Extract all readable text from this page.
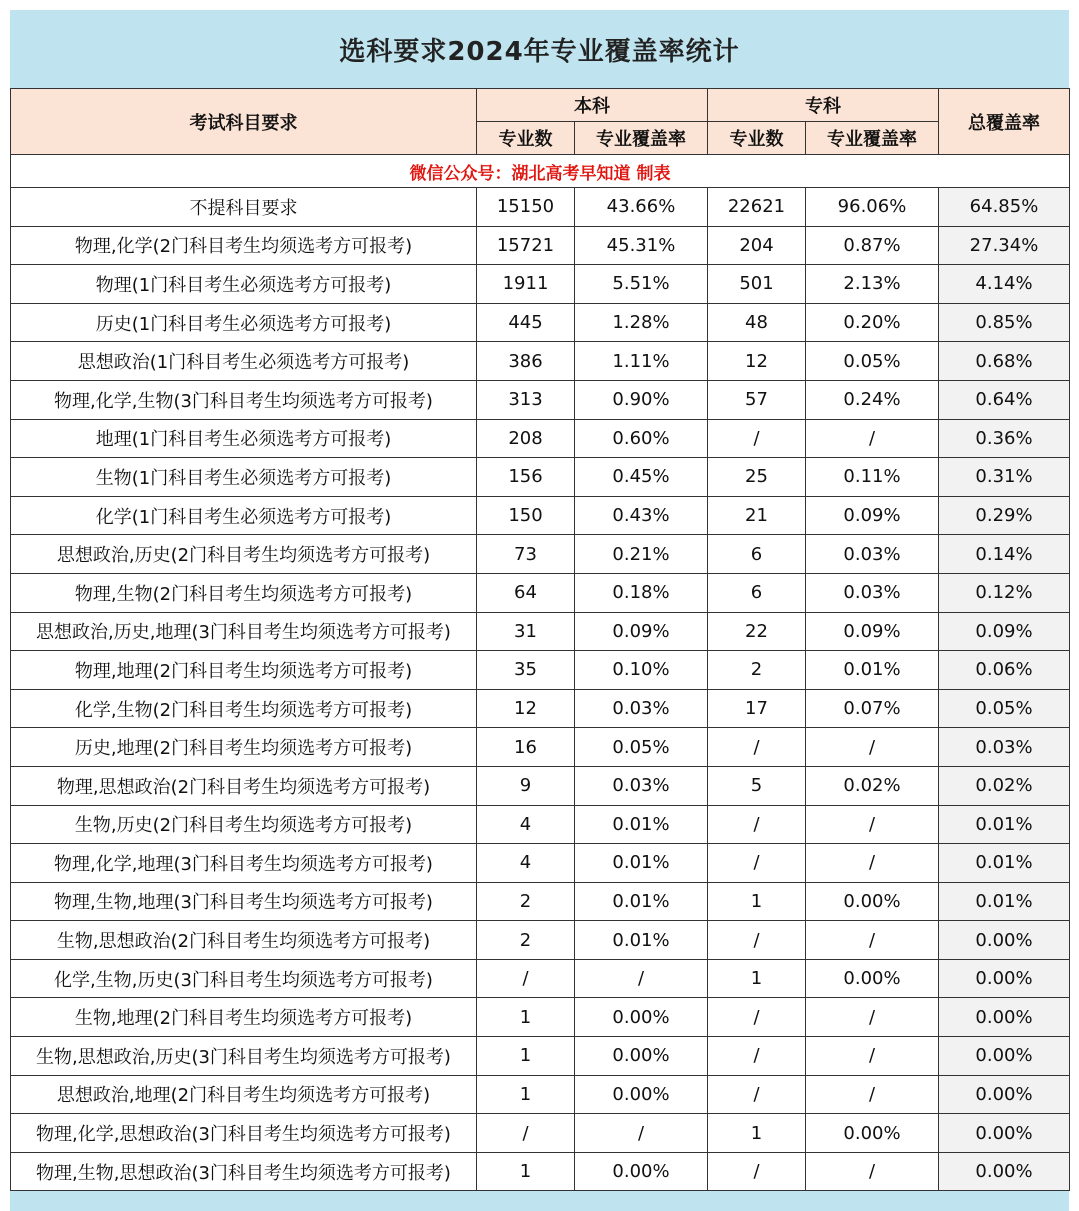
选科要求2024年专业覆盖率统计
考试科目要求	本科		专科		总覆盖率
	专业数	专业覆盖率	专业数	专业覆盖率	
微信公众号：湖北高考早知道 制表					
不提科目要求	15150	43.66%	22621	96.06%	64.85%
物理,化学(2门科目考生均须选考方可报考)	15721	45.31%	204	0.87%	27.34%
物理(1门科目考生必须选考方可报考)	1911	5.51%	501	2.13%	4.14%
历史(1门科目考生必须选考方可报考)	445	1.28%	48	0.20%	0.85%
思想政治(1门科目考生必须选考方可报考)	386	1.11%	12	0.05%	0.68%
物理,化学,生物(3门科目考生均须选考方可报考)	313	0.90%	57	0.24%	0.64%
地理(1门科目考生必须选考方可报考)	208	0.60%	/	/	0.36%
生物(1门科目考生必须选考方可报考)	156	0.45%	25	0.11%	0.31%
化学(1门科目考生必须选考方可报考)	150	0.43%	21	0.09%	0.29%
思想政治,历史(2门科目考生均须选考方可报考)	73	0.21%	6	0.03%	0.14%
物理,生物(2门科目考生均须选考方可报考)	64	0.18%	6	0.03%	0.12%
思想政治,历史,地理(3门科目考生均须选考方可报考)	31	0.09%	22	0.09%	0.09%
物理,地理(2门科目考生均须选考方可报考)	35	0.10%	2	0.01%	0.06%
化学,生物(2门科目考生均须选考方可报考)	12	0.03%	17	0.07%	0.05%
历史,地理(2门科目考生均须选考方可报考)	16	0.05%	/	/	0.03%
物理,思想政治(2门科目考生均须选考方可报考)	9	0.03%	5	0.02%	0.02%
生物,历史(2门科目考生均须选考方可报考)	4	0.01%	/	/	0.01%
物理,化学,地理(3门科目考生均须选考方可报考)	4	0.01%	/	/	0.01%
物理,生物,地理(3门科目考生均须选考方可报考)	2	0.01%	1	0.00%	0.01%
生物,思想政治(2门科目考生均须选考方可报考)	2	0.01%	/	/	0.00%
化学,生物,历史(3门科目考生均须选考方可报考)	/	/	1	0.00%	0.00%
生物,地理(2门科目考生均须选考方可报考)	1	0.00%	/	/	0.00%
生物,思想政治,历史(3门科目考生均须选考方可报考)	1	0.00%	/	/	0.00%
思想政治,地理(2门科目考生均须选考方可报考)	1	0.00%	/	/	0.00%
物理,化学,思想政治(3门科目考生均须选考方可报考)	/	/	1	0.00%	0.00%
物理,生物,思想政治(3门科目考生均须选考方可报考)	1	0.00%	/	/	0.00%
